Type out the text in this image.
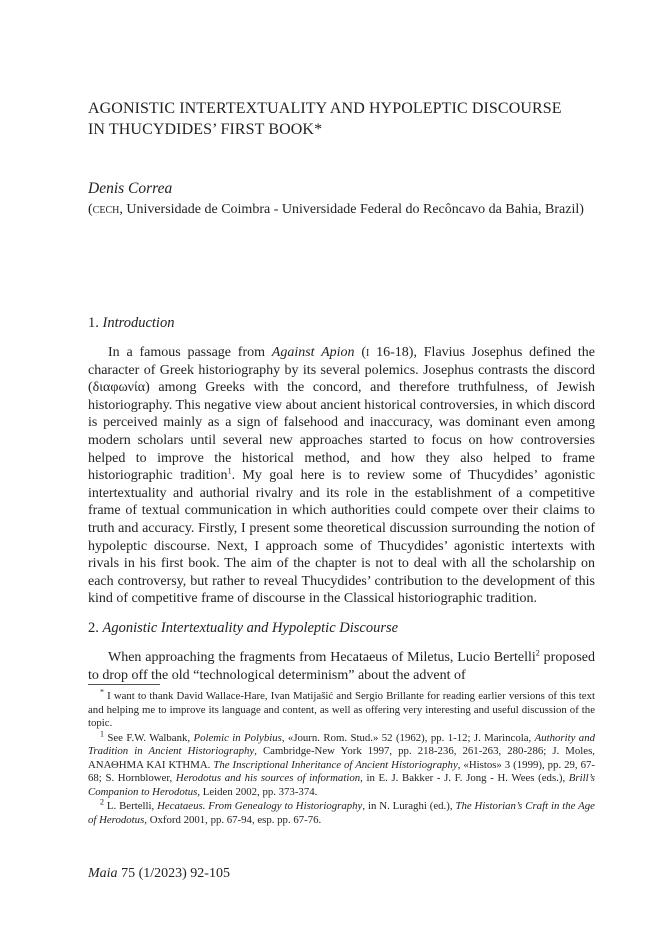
AGONISTIC INTERTEXTUALITY AND HYPOLEPTIC DISCOURSE
IN THUCYDIDES’ FIRST BOOK*

Denis Correa

(cech, Universidade de Coimbra - Universidade Federal do Recôncavo da Bahia, Brazil)

1. Introduction

In a famous passage from Against Apion (i 16-18), Flavius Josephus defined the character of Greek historiography by its several polemics. Josephus contrasts the discord (διαφωνία) among Greeks with the concord, and therefore truthfulness, of Jewish historiography. This negative view about ancient historical controversies, in which discord is perceived mainly as a sign of falsehood and inaccuracy, was dominant even among modern scholars until several new approaches started to focus on how controversies helped to improve the historical method, and how they also helped to frame historiographic tradition$^1$. My goal here is to review some of Thucydides’ agonistic intertextuality and authorial rivalry and its role in the establishment of a competitive frame of textual communication in which authorities could compete over their claims to truth and accuracy. Firstly, I present some theoretical discussion surrounding the notion of hypoleptic discourse. Next, I approach some of Thucydides’ agonistic intertexts with rivals in his first book. The aim of the chapter is not to deal with all the scholarship on each controversy, but rather to reveal Thucydides’ contribution to the development of this kind of competitive frame of discourse in the Classical historiographic tradition.

2. Agonistic Intertextuality and Hypoleptic Discourse

When approaching the fragments from Hecataeus of Miletus, Lucio Bertelli$^2$ proposed to drop off the old “technological determinism” about the advent of

* I want to thank David Wallace-Hare, Ivan Matijašić and Sergio Brillante for reading earlier versions of this text and helping me to improve its language and content, as well as offering very interesting and useful discussion of the topic.

$^1$ See F.W. Walbank, Polemic in Polybius, «Journ. Rom. Stud.» 52 (1962), pp. 1-12; J. Marincola, Authority and Tradition in Ancient Historiography, Cambridge-New York 1997, pp. 218-236, 261-263, 280-286; J. Moles, ΑΝΑΘΗΜΑ ΚΑΙ ΚΤΗΜΑ. The Inscriptional Inheritance of Ancient Historiography, «Histos» 3 (1999), pp. 29, 67-68; S. Hornblower, Herodotus and his sources of information, in E. J. Bakker - J. F. Jong - H. Wees (eds.), Brill’s Companion to Herodotus, Leiden 2002, pp. 373-374.

$^2$ L. Bertelli, Hecataeus. From Genealogy to Historiography, in N. Luraghi (ed.), The Historian’s Craft in the Age of Herodotus, Oxford 2001, pp. 67-94, esp. pp. 67-76.

Maia 75 (1/2023) 92-105
